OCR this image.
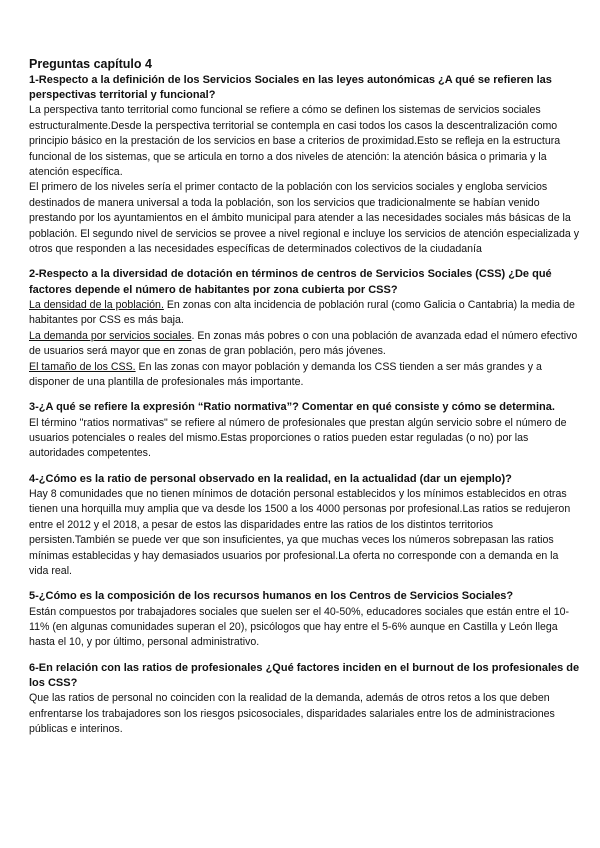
Preguntas capítulo 4

1-Respecto a la definición de los Servicios Sociales en las leyes autonómicas ¿A qué se refieren las perspectivas territorial y funcional?

La perspectiva tanto territorial como funcional se refiere a cómo se definen los sistemas de servicios sociales estructuralmente.Desde la perspectiva territorial se contempla en casi todos los casos la descentralización como principio básico en la prestación de los servicios en base a criterios de proximidad.Esto se refleja en la estructura funcional de los sistemas, que se articula en torno a dos niveles de atención: la atención básica o primaria y la atención específica.

El primero de los niveles sería el primer contacto de la población con los servicios sociales y engloba servicios destinados de manera universal a toda la población, son los servicios que tradicionalmente se habían venido prestando por los ayuntamientos en el ámbito municipal para atender a las necesidades sociales más básicas de la población. El segundo nivel de servicios se provee a nivel regional e incluye los servicios de atención especializada y otros que responden a las necesidades específicas de determinados colectivos de la ciudadanía

2-Respecto a la diversidad de dotación en términos de centros de Servicios Sociales (CSS) ¿De qué factores depende el número de habitantes por zona cubierta por CSS?

La densidad de la población. En zonas con alta incidencia de población rural (como Galicia o Cantabria) la media de habitantes por CSS es más baja.

La demanda por servicios sociales. En zonas más pobres o con una población de avanzada edad el número efectivo de usuarios será mayor que en zonas de gran población, pero más jóvenes.

El tamaño de los CSS. En las zonas con mayor población y demanda los CSS tienden a ser más grandes y a disponer de una plantilla de profesionales más importante.

3-¿A qué se refiere la expresión “Ratio normativa”? Comentar en qué consiste y cómo se determina.

El término "ratios normativas" se refiere al número de profesionales que prestan algún servicio sobre el número de usuarios potenciales o reales del mismo.Estas proporciones o ratios pueden estar reguladas (o no) por las autoridades competentes.

4-¿Cómo es la ratio de personal observado en la realidad, en la actualidad (dar un ejemplo)?

Hay 8 comunidades que no tienen mínimos de dotación personal establecidos y los mínimos establecidos en otras tienen una horquilla muy amplia que va desde los 1500 a los 4000 personas por profesional.Las ratios se redujeron entre el 2012 y el 2018, a pesar de estos las disparidades entre las ratios de los distintos territorios persisten.También se puede ver que son insuficientes, ya que muchas veces los números sobrepasan las ratios mínimas establecidas y hay demasiados usuarios por profesional.La oferta no corresponde con a demanda en la vida real.

5-¿Cómo es la composición de los recursos humanos en los Centros de Servicios Sociales?

Están compuestos por trabajadores sociales que suelen ser el 40-50%, educadores sociales que están entre el 10-11% (en algunas comunidades superan el 20), psicólogos que hay entre el 5-6% aunque en Castilla y León llega hasta el 10, y por último, personal administrativo.

6-En relación con las ratios de profesionales ¿Qué factores inciden en el burnout de los profesionales de los CSS?

Que las ratios de personal no coinciden con la realidad de la demanda, además de otros retos a los que deben enfrentarse los trabajadores son los riesgos psicosociales, disparidades salariales entre los de administraciones públicas e interinos.
